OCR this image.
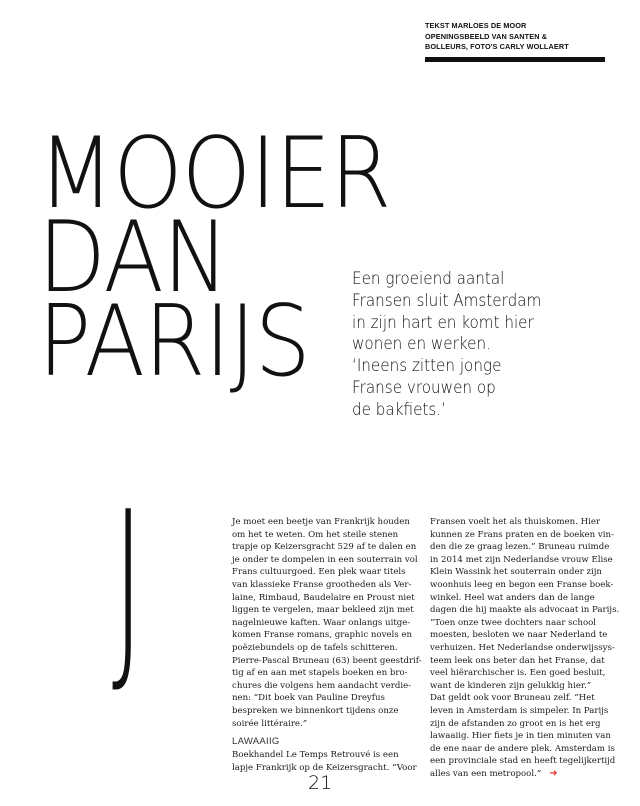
TEKST MARLOES DE MOOR
OPENINGSBEELD VAN SANTEN &
BOLLEURS, FOTO'S CARLY WOLLAERT
MOOIER
DAN
PARIJS
Een groeiend aantal
Fransen sluit Amsterdam
in zijn hart en komt hier
wonen en werken.
‘Ineens zitten jonge
Franse vrouwen op
de bakfiets.’
J	Je moet een beetje van Frankrijk houden
om het te weten. Om het steile stenen
trapje op Keizersgracht 529 af te dalen en
je onder te dompelen in een souterrain vol
Frans cultuurgoed. Een plek waar titels
van klassieke Franse grootheden als Ver-
laine, Rimbaud, Baudelaire en Proust niet
liggen te vergelen, maar bekleed zijn met
nagelnieuwe kaften. Waar onlangs uitge-
komen Franse romans, graphic novels en
poëziebundels op de tafels schitteren.
Pierre-Pascal Bruneau (63) beent geestdrif-
tig af en aan met stapels boeken en bro-
chures die volgens hem aandacht verdie-
nen: “Dit boek van Pauline Dreyfus
bespreken we binnenkort tijdens onze
soirée littéraire.”
LAWAAIIG
Boekhandel Le Temps Retrouvé is een
lapje Frankrijk op de Keizersgracht. “Voor
Fransen voelt het als thuiskomen. Hier
kunnen ze Frans praten en de boeken vin-
den die ze graag lezen.” Bruneau ruimde
in 2014 met zijn Nederlandse vrouw Elise
Klein Wassink het souterrain onder zijn
woonhuis leeg en begon een Franse boek-
winkel. Heel wat anders dan de lange
dagen die hij maakte als advocaat in Parijs.
“Toen onze twee dochters naar school
moesten, besloten we naar Nederland te
verhuizen. Het Nederlandse onderwijssys-
teem leek ons beter dan het Franse, dat
veel hiërarchischer is. Een goed besluit,
want de kinderen zijn gelukkig hier.”
Dat geldt ook voor Bruneau zelf. “Het
leven in Amsterdam is simpeler. In Parijs
zijn de afstanden zo groot en is het erg
lawaaiig. Hier fiets je in tien minuten van
de ene naar de andere plek. Amsterdam is
een provinciale stad en heeft tegelijkertijd
alles van een metropool.” ➜
21
